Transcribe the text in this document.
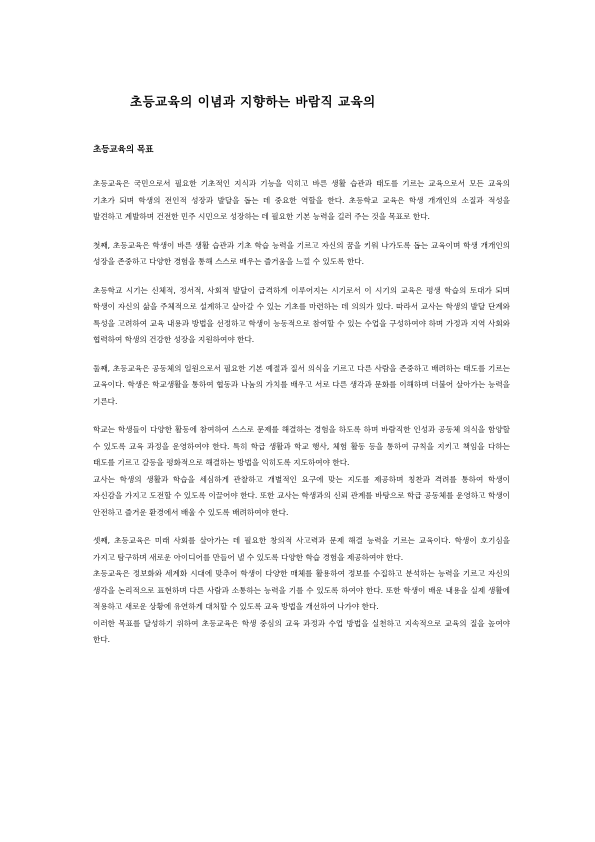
초등교육의 이념과 지향하는 바람직 교육의
초등교육의 목표

초등교육은 국민으로서 필요한 기초적인 지식과 기능을 익히고 바른 생활 습관과 태도를 기르는 교육으로서 모든 교육의 기초가 되며 학생의 전인적 성장과 발달을 돕는 데 중요한 역할을 한다. 초등학교 교육은 학생 개개인의 소질과 적성을 발견하고 계발하며 건전한 민주 시민으로 성장하는 데 필요한 기본 능력을 길러 주는 것을 목표로 한다.

첫째, 초등교육은 학생이 바른 생활 습관과 기초 학습 능력을 기르고 자신의 꿈을 키워 나가도록 돕는 교육이며 학생 개개인의 성장을 존중하고 다양한 경험을 통해 스스로 배우는 즐거움을 느낄 수 있도록 한다.

초등학교 시기는 신체적, 정서적, 사회적 발달이 급격하게 이루어지는 시기로서 이 시기의 교육은 평생 학습의 토대가 되며 학생이 자신의 삶을 주체적으로 설계하고 살아갈 수 있는 기초를 마련하는 데 의의가 있다. 따라서 교사는 학생의 발달 단계와 특성을 고려하여 교육 내용과 방법을 선정하고 학생이 능동적으로 참여할 수 있는 수업을 구성하여야 하며 가정과 지역 사회와 협력하여 학생의 건강한 성장을 지원하여야 한다.

둘째, 초등교육은 공동체의 일원으로서 필요한 기본 예절과 질서 의식을 기르고 다른 사람을 존중하고 배려하는 태도를 기르는 교육이다. 학생은 학교생활을 통하여 협동과 나눔의 가치를 배우고 서로 다른 생각과 문화를 이해하며 더불어 살아가는 능력을 기른다.

학교는 학생들이 다양한 활동에 참여하여 스스로 문제를 해결하는 경험을 하도록 하며 바람직한 인성과 공동체 의식을 함양할 수 있도록 교육 과정을 운영하여야 한다. 특히 학급 생활과 학교 행사, 체험 활동 등을 통하여 규칙을 지키고 책임을 다하는 태도를 기르고 갈등을 평화적으로 해결하는 방법을 익히도록 지도하여야 한다.

교사는 학생의 생활과 학습을 세심하게 관찰하고 개별적인 요구에 맞는 지도를 제공하며 칭찬과 격려를 통하여 학생이 자신감을 가지고 도전할 수 있도록 이끌어야 한다. 또한 교사는 학생과의 신뢰 관계를 바탕으로 학급 공동체를 운영하고 학생이 안전하고 즐거운 환경에서 배울 수 있도록 배려하여야 한다.

셋째, 초등교육은 미래 사회를 살아가는 데 필요한 창의적 사고력과 문제 해결 능력을 기르는 교육이다. 학생이 호기심을 가지고 탐구하며 새로운 아이디어를 만들어 낼 수 있도록 다양한 학습 경험을 제공하여야 한다.

초등교육은 정보화와 세계화 시대에 맞추어 학생이 다양한 매체를 활용하여 정보를 수집하고 분석하는 능력을 기르고 자신의 생각을 논리적으로 표현하며 다른 사람과 소통하는 능력을 기를 수 있도록 하여야 한다. 또한 학생이 배운 내용을 실제 생활에 적용하고 새로운 상황에 유연하게 대처할 수 있도록 교육 방법을 개선하여 나가야 한다.

이러한 목표를 달성하기 위하여 초등교육은 학생 중심의 교육 과정과 수업 방법을 실천하고 지속적으로 교육의 질을 높여야 한다.
